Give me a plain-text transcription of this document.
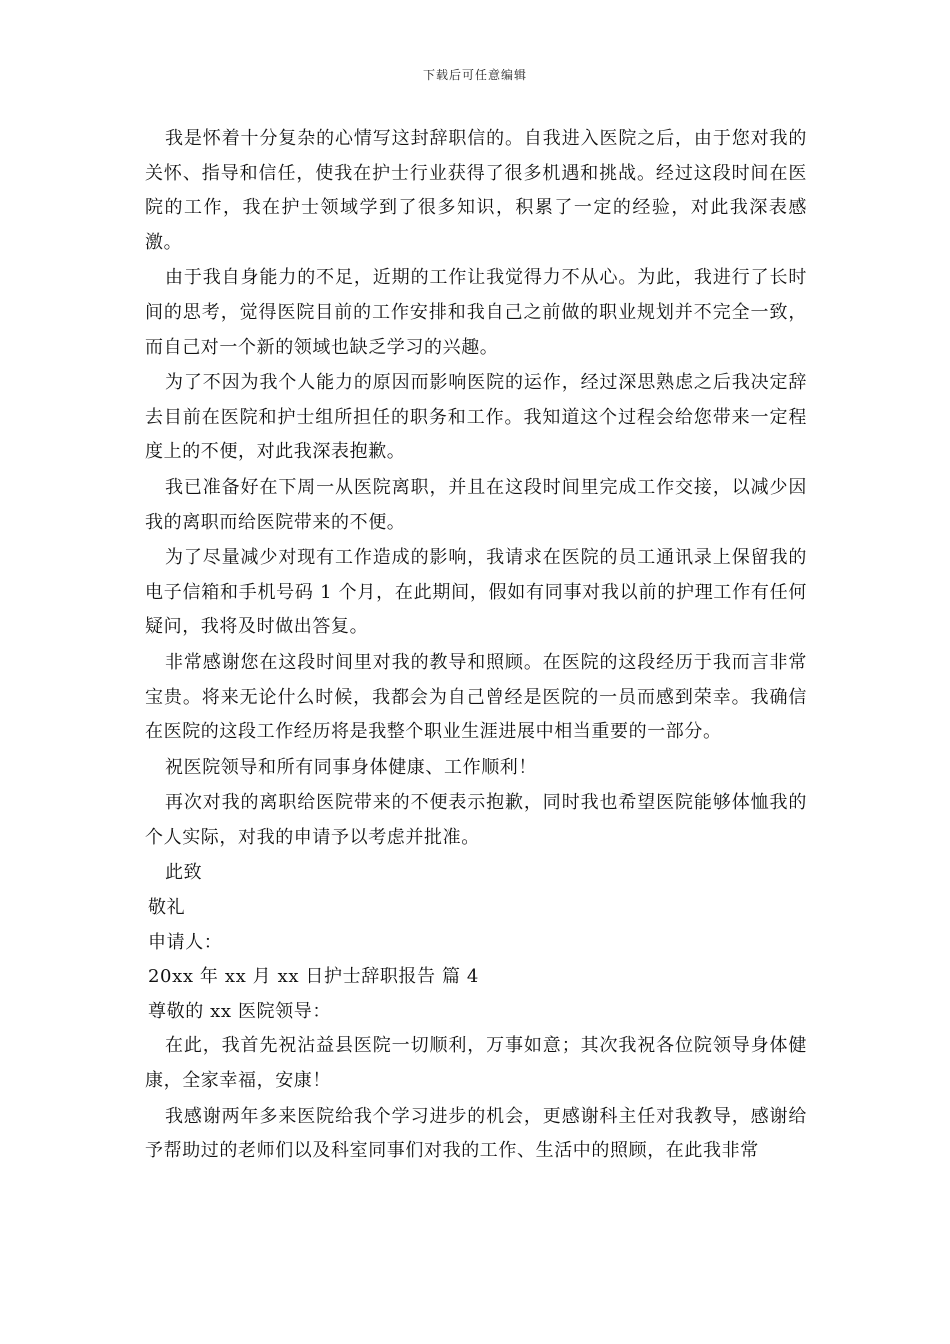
下载后可任意编辑

我是怀着十分复杂的心情写这封辞职信的。自我进入医院之后，由于您对我的关怀、指导和信任，使我在护士行业获得了很多机遇和挑战。经过这段时间在医院的工作，我在护士领域学到了很多知识，积累了一定的经验，对此我深表感激。

由于我自身能力的不足，近期的工作让我觉得力不从心。为此，我进行了长时间的思考，觉得医院目前的工作安排和我自己之前做的职业规划并不完全一致，而自己对一个新的领域也缺乏学习的兴趣。

为了不因为我个人能力的原因而影响医院的运作，经过深思熟虑之后我决定辞去目前在医院和护士组所担任的职务和工作。我知道这个过程会给您带来一定程度上的不便，对此我深表抱歉。

我已准备好在下周一从医院离职，并且在这段时间里完成工作交接，以减少因我的离职而给医院带来的不便。

为了尽量减少对现有工作造成的影响，我请求在医院的员工通讯录上保留我的电子信箱和手机号码 1 个月，在此期间，假如有同事对我以前的护理工作有任何疑问，我将及时做出答复。

非常感谢您在这段时间里对我的教导和照顾。在医院的这段经历于我而言非常宝贵。将来无论什么时候，我都会为自己曾经是医院的一员而感到荣幸。我确信在医院的这段工作经历将是我整个职业生涯进展中相当重要的一部分。

祝医院领导和所有同事身体健康、工作顺利！

再次对我的离职给医院带来的不便表示抱歉，同时我也希望医院能够体恤我的个人实际，对我的申请予以考虑并批准。

此致
敬礼
申请人：
20xx 年 xx 月 xx 日护士辞职报告 篇 4
尊敬的 xx 医院领导：

在此，我首先祝沾益县医院一切顺利，万事如意；其次我祝各位院领导身体健康，全家幸福，安康！

我感谢两年多来医院给我个学习进步的机会，更感谢科主任对我教导，感谢给予帮助过的老师们以及科室同事们对我的工作、生活中的照顾，在此我非常
